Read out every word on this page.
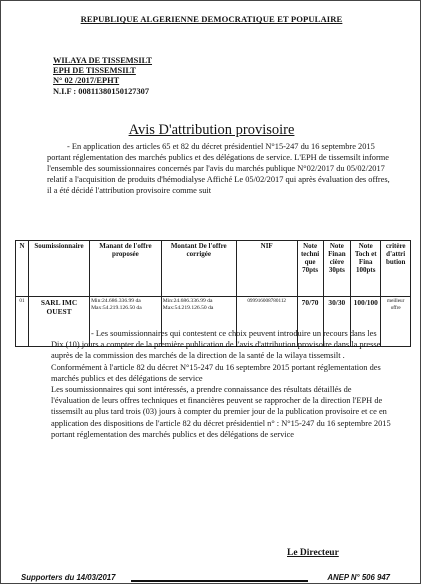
REPUBLIQUE ALGERIENNE DEMOCRATIQUE ET POPULAIRE
WILAYA DE TISSEMSILT
EPH DE TISSEMSILT
N° 02 /2017/EPHT
N.I.F : 00811380150127307
Avis D'attribution provisoire

- En application des articles 65 et 82 du décret présidentiel N°15-247 du 16 septembre 2015 portant réglementation des marchés publics et des délégations de service. L'EPH de tissemsilt informe l'ensemble des soumissionnaires concernés par l'avis du marchés publique N°02/2017 du 05/02/2017 relatif a l'acquisition de produits d'hémodialyse Affiché Le 05/02/2017 qui après évaluation des offres, il a été décidé l'attribution provisoire comme suit

N	Soumissionnaire	Manant de l'offre proposée	Montant De l'offre corrigée	NIF	Note techni que 70pts	Note Finan cière 30pts	Note Toch et Fina 100pts	critère d'attri bution
01	SARL IMC OUEST	Min:24.686.336.99 da Max:54.219.126.50 da	Min:24.686.336.99 da Max:54.219.126.50 da	099916008780112	70/70	30/30	100/100	meilleur offre

- Les soumissionnaires qui contestent ce choix peuvent introduire un recours dans les Dix (10) jours a compter de la première publication de l'avis d'attribution provisoire dans la presse auprès de la commission des marchés de la direction de la santé de la wilaya tissemsilt . Conformément à l'article 82 du décret N°15-247 du 16 septembre 2015 portant réglementation des marchés publics et des délégations de service

Les soumissionnaires qui sont intéressés, a prendre connaissance des résultats détaillés de l'évaluation de leurs offres techniques et financières peuvent se rapprocher de la direction l'EPH de tissemsilt au plus tard trois (03) jours à compter du premier jour de la publication provisoire et ce en application des dispositions de l'article 82 du décret présidentiel n° : N°15-247 du 16 septembre 2015 portant réglementation des marchés publics et des délégations de service

Le Directeur
Supporters du 14/03/2017	ANEP N° 506 947
